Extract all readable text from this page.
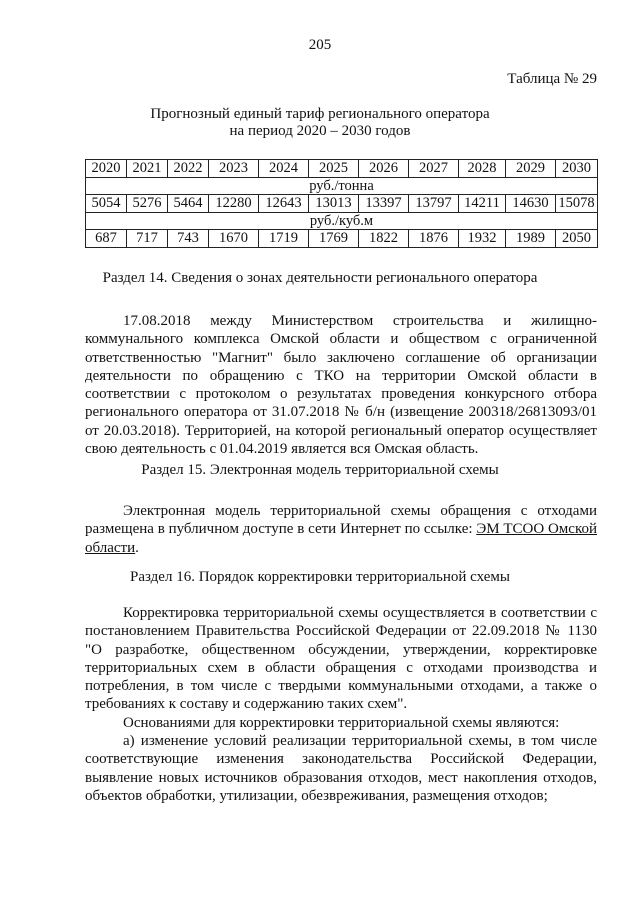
205
Таблица № 29
Прогнозный единый тариф регионального оператора
на период 2020 – 2030 годов
2020	2021	2022	2023	2024	2025	2026	2027	2028	2029	2030
руб./тонна										
5054	5276	5464	12280	12643	13013	13397	13797	14211	14630	15078
руб./куб.м										
687	717	743	1670	1719	1769	1822	1876	1932	1989	2050
Раздел 14. Сведения о зонах деятельности регионального оператора

17.08.2018 между Министерством строительства и жилищно-коммунального комплекса Омской области и обществом с ограниченной ответственностью "Магнит" было заключено соглашение об организации деятельности по обращению с ТКО на территории Омской области в соответствии с протоколом о результатах проведения конкурсного отбора регионального оператора от 31.07.2018 № б/н (извещение 200318/26813093/01 от 20.03.2018). Территорией, на которой региональный оператор осуществляет свою деятельность с 01.04.2019 является вся Омская область.

Раздел 15. Электронная модель территориальной схемы

Электронная модель территориальной схемы обращения с отходами размещена в публичном доступе в сети Интернет по ссылке: ЭМ ТСОО Омской области.

Раздел 16. Порядок корректировки территориальной схемы

Корректировка территориальной схемы осуществляется в соответствии с постановлением Правительства Российской Федерации от 22.09.2018 № 1130 "О разработке, общественном обсуждении, утверждении, корректировке территориальных схем в области обращения с отходами производства и потребления, в том числе с твердыми коммунальными отходами, а также о требованиях к составу и содержанию таких схем".

Основаниями для корректировки территориальной схемы являются:

а) изменение условий реализации территориальной схемы, в том числе соответствующие изменения законодательства Российской Федерации, выявление новых источников образования отходов, мест накопления отходов, объектов обработки, утилизации, обезвреживания, размещения отходов;
